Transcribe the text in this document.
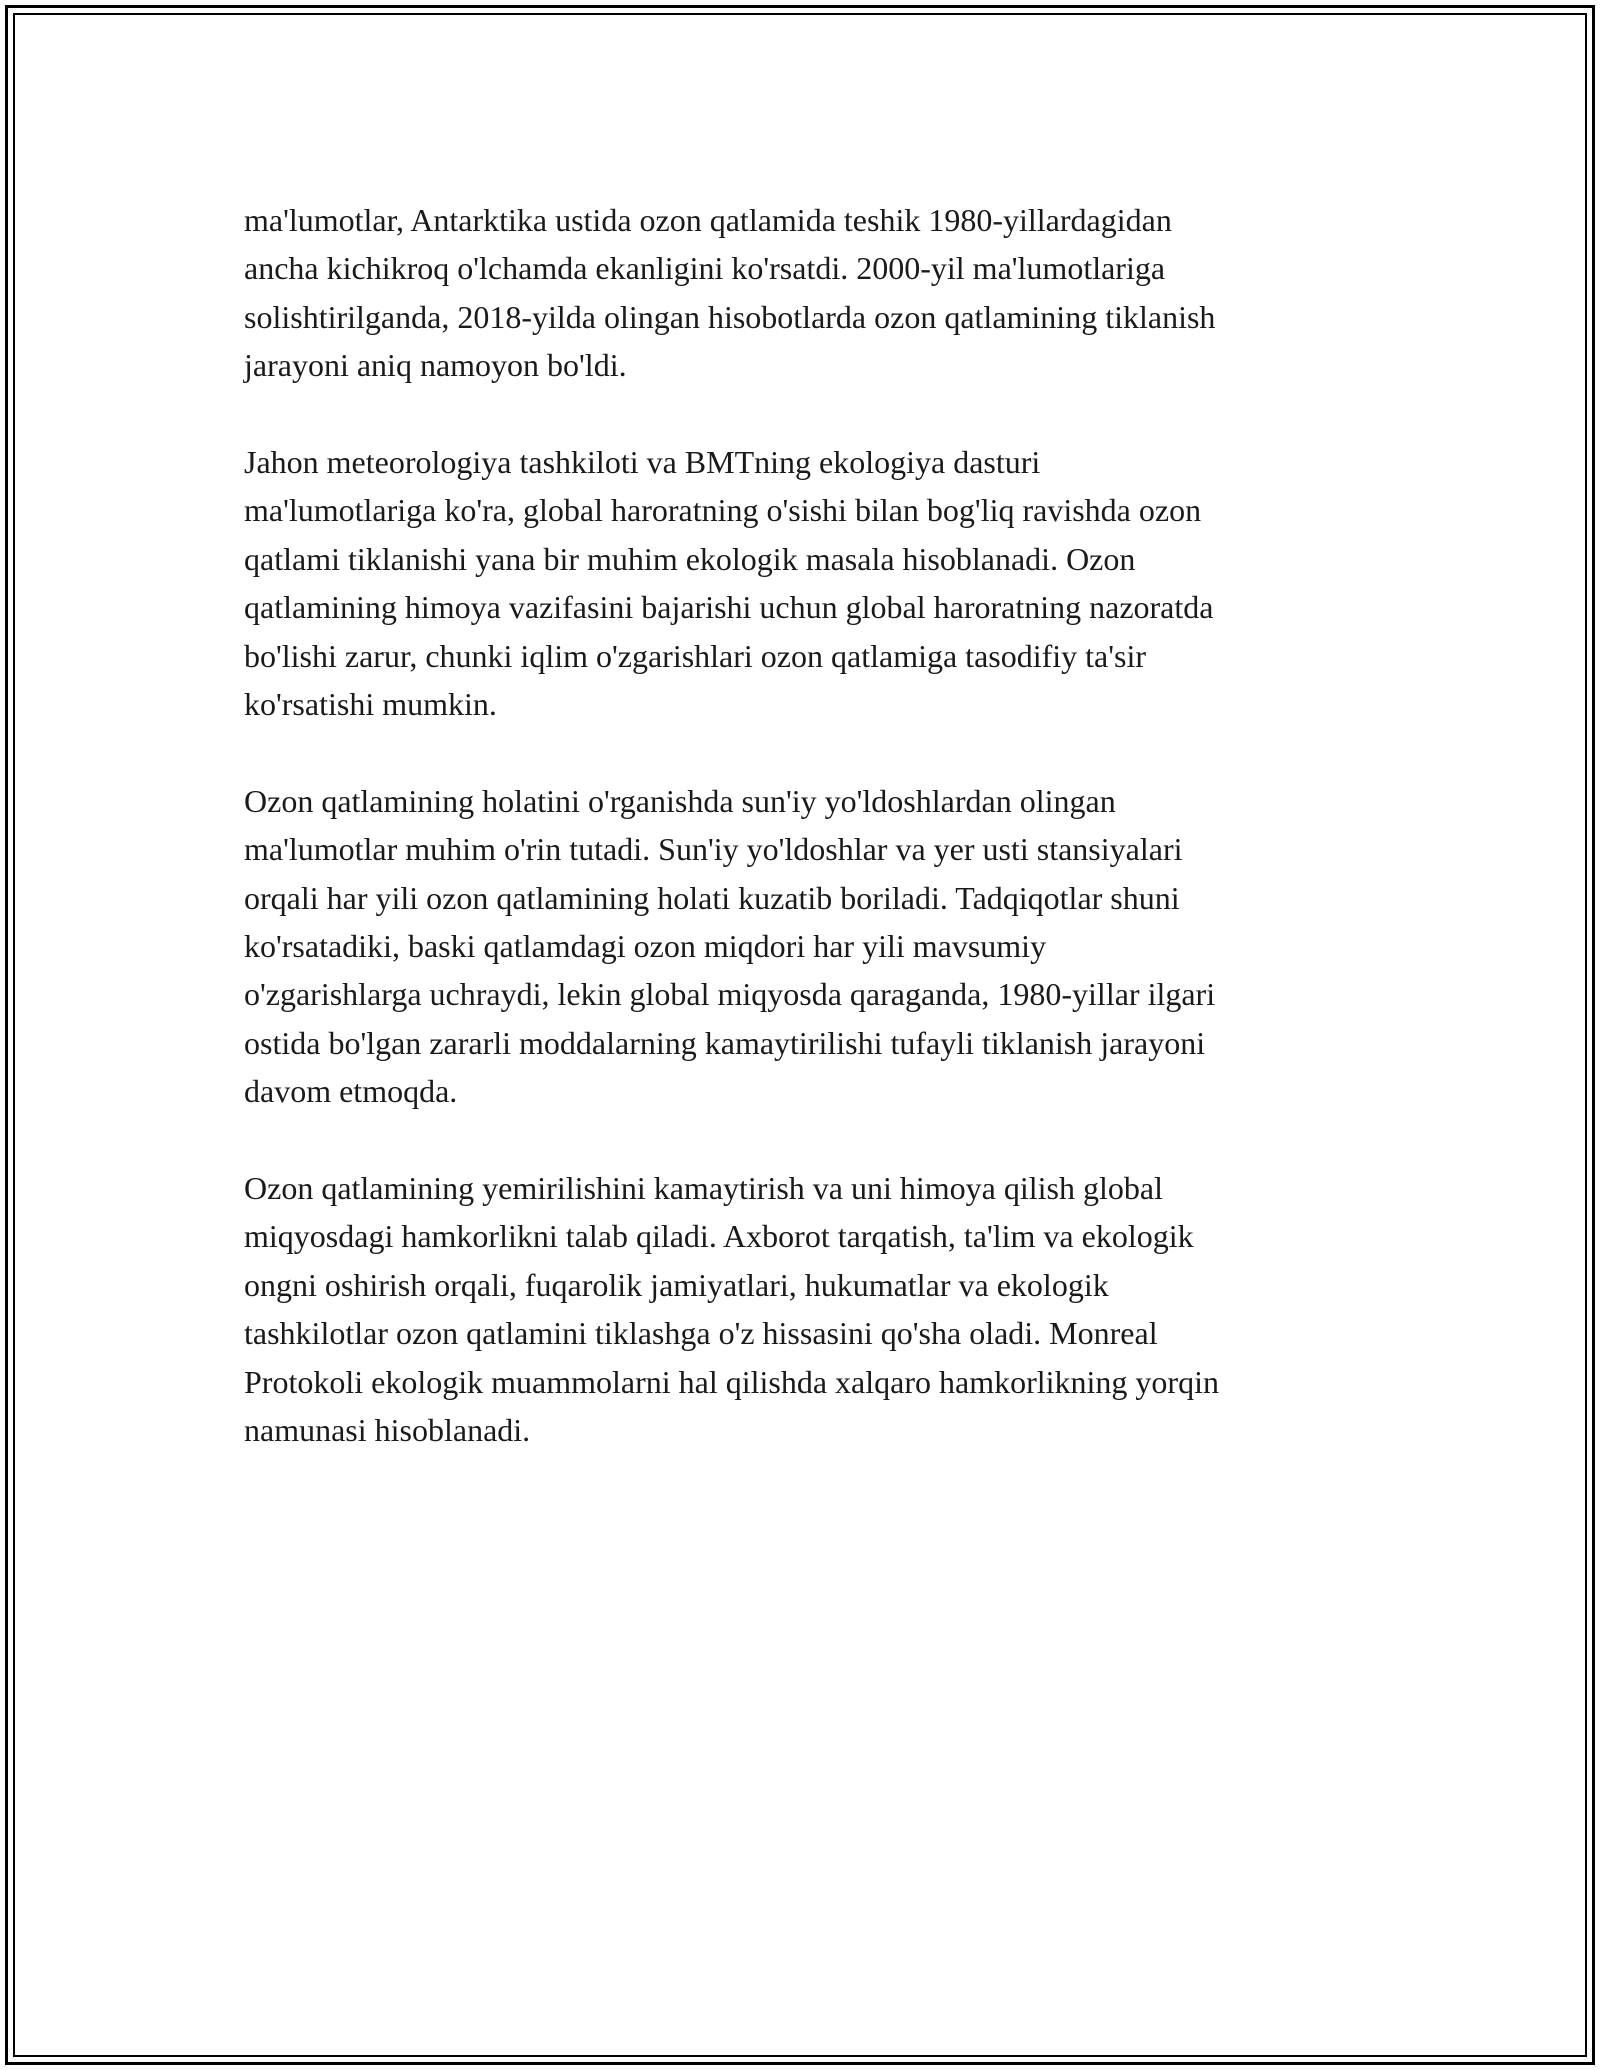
ma'lumotlar, Antarktika ustida ozon qatlamida teshik 1980-yillardagidan
ancha kichikroq o'lchamda ekanligini ko'rsatdi. 2000-yil ma'lumotlariga
solishtirilganda, 2018-yilda olingan hisobotlarda ozon qatlamining tiklanish
jarayoni aniq namoyon bo'ldi.

Jahon meteorologiya tashkiloti va BMTning ekologiya dasturi
ma'lumotlariga ko'ra, global haroratning o'sishi bilan bog'liq ravishda ozon
qatlami tiklanishi yana bir muhim ekologik masala hisoblanadi. Ozon
qatlamining himoya vazifasini bajarishi uchun global haroratning nazoratda
bo'lishi zarur, chunki iqlim o'zgarishlari ozon qatlamiga tasodifiy ta'sir
ko'rsatishi mumkin.

Ozon qatlamining holatini o'rganishda sun'iy yo'ldoshlardan olingan
ma'lumotlar muhim o'rin tutadi. Sun'iy yo'ldoshlar va yer usti stansiyalari
orqali har yili ozon qatlamining holati kuzatib boriladi. Tadqiqotlar shuni
ko'rsatadiki, baski qatlamdagi ozon miqdori har yili mavsumiy
o'zgarishlarga uchraydi, lekin global miqyosda qaraganda, 1980-yillar ilgari
ostida bo'lgan zararli moddalarning kamaytirilishi tufayli tiklanish jarayoni
davom etmoqda.

Ozon qatlamining yemirilishini kamaytirish va uni himoya qilish global
miqyosdagi hamkorlikni talab qiladi. Axborot tarqatish, ta'lim va ekologik
ongni oshirish orqali, fuqarolik jamiyatlari, hukumatlar va ekologik
tashkilotlar ozon qatlamini tiklashga o'z hissasini qo'sha oladi. Monreal
Protokoli ekologik muammolarni hal qilishda xalqaro hamkorlikning yorqin
namunasi hisoblanadi.
